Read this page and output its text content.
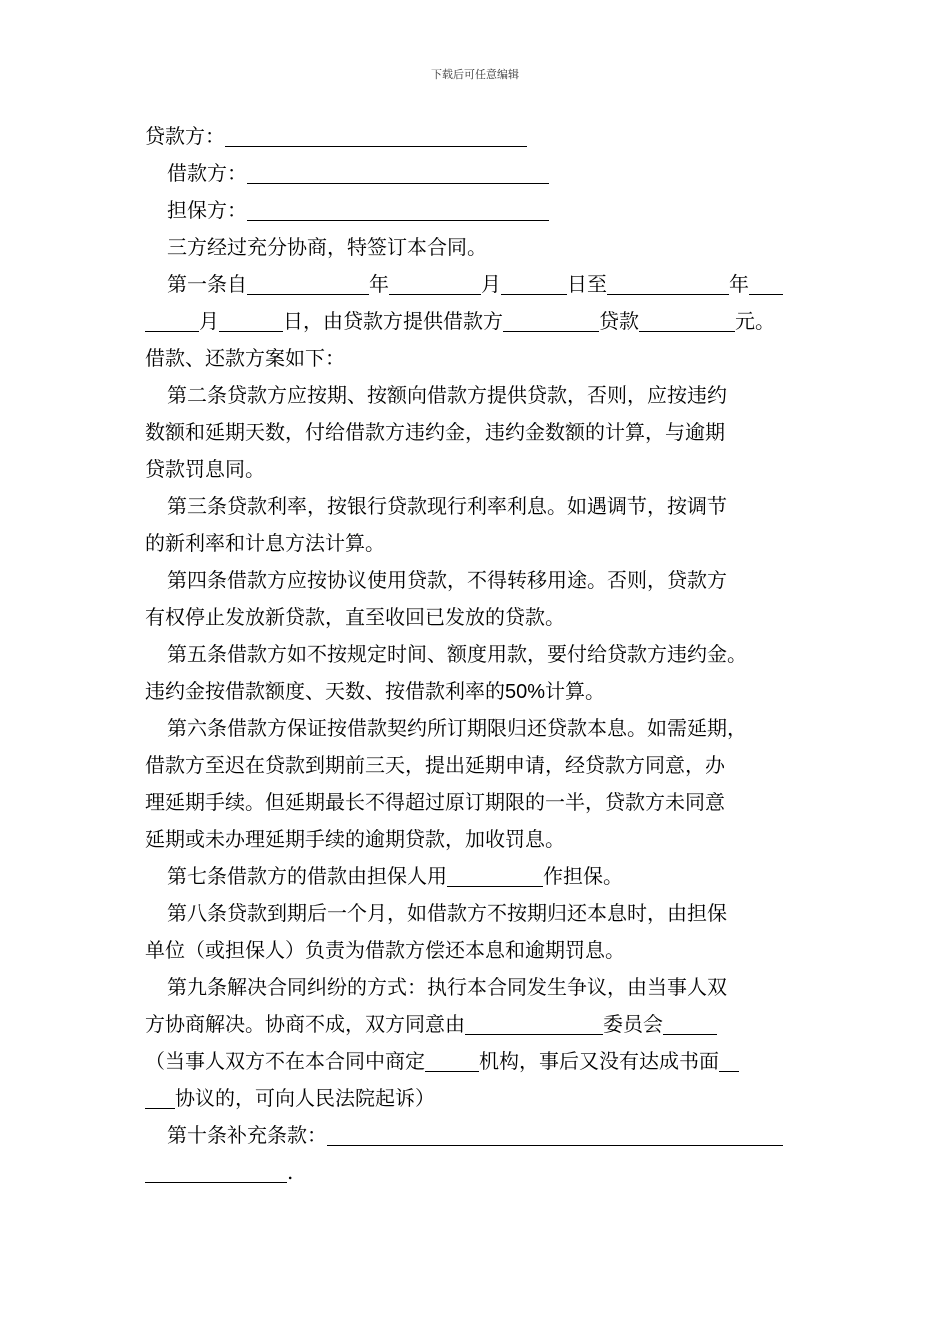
下载后可任意编辑
贷款方：
借款方：
担保方：
三方经过充分协商，特签订本合同。
第一条自	年	月	日至	年
月	日，由贷款方提供借款方	贷款	元。
借款、还款方案如下：
第二条贷款方应按期、按额向借款方提供贷款，否则，应按违约
数额和延期天数，付给借款方违约金，违约金数额的计算，与逾期
贷款罚息同。
第三条贷款利率，按银行贷款现行利率利息。如遇调节，按调节
的新利率和计息方法计算。
第四条借款方应按协议使用贷款，不得转移用途。否则，贷款方
有权停止发放新贷款，直至收回已发放的贷款。
第五条借款方如不按规定时间、额度用款，要付给贷款方违约金。
违约金按借款额度、天数、按借款利率的50%计算。
第六条借款方保证按借款契约所订期限归还贷款本息。如需延期，
借款方至迟在贷款到期前三天，提出延期申请，经贷款方同意，办
理延期手续。但延期最长不得超过原订期限的一半，贷款方未同意
延期或未办理延期手续的逾期贷款，加收罚息。
第七条借款方的借款由担保人用	作担保。
第八条贷款到期后一个月，如借款方不按期归还本息时，由担保
单位（或担保人）负责为借款方偿还本息和逾期罚息。
第九条解决合同纠纷的方式：执行本合同发生争议，由当事人双
方协商解决。协商不成，双方同意由	委员会
（当事人双方不在本合同中商定	机构，事后又没有达成书面
协议的，可向人民法院起诉）
第十条补充条款：
.
